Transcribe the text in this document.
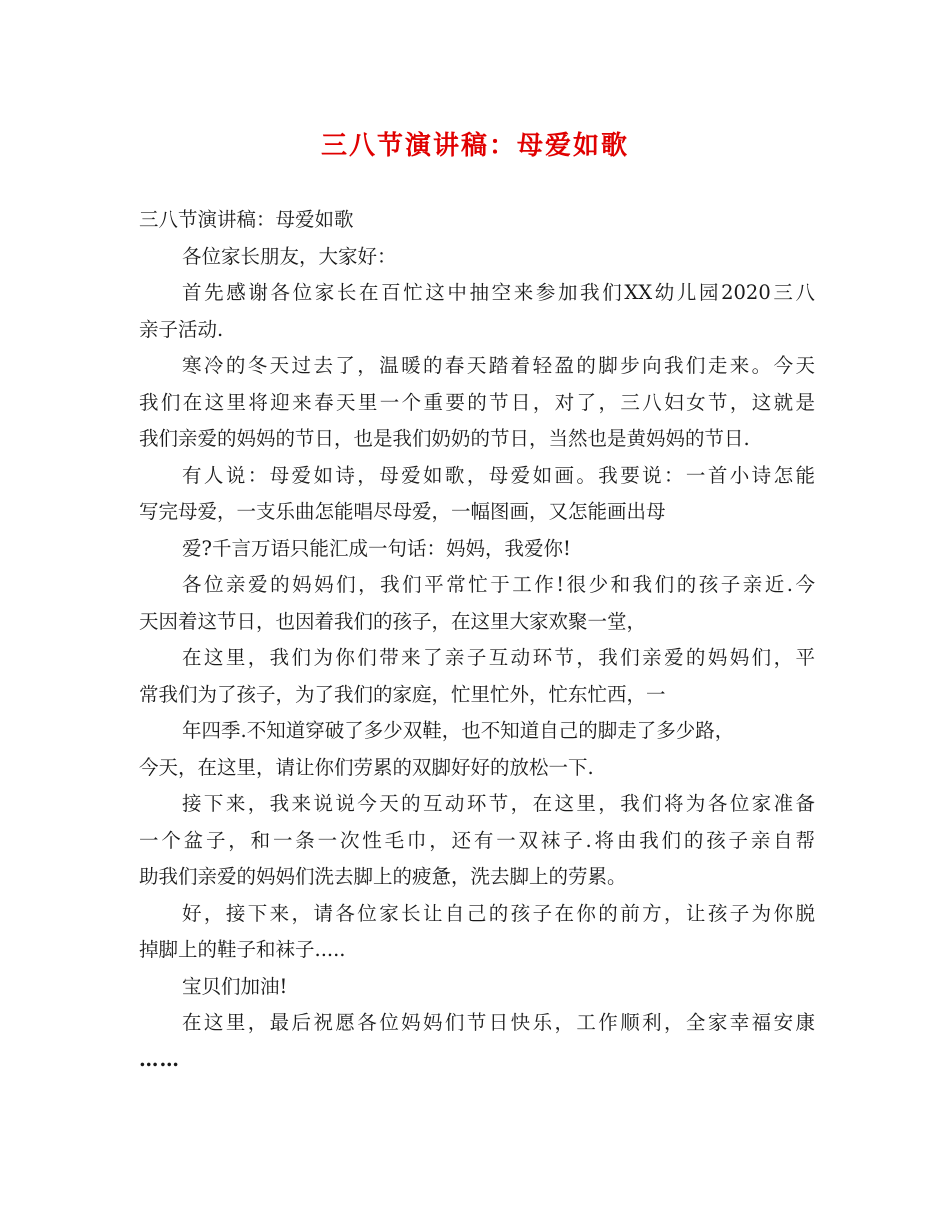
三八节演讲稿：母爱如歌

三八节演讲稿：母爱如歌

各位家长朋友，大家好：

首先感谢各位家长在百忙这中抽空来参加我们XX幼儿园2020三八

亲子活动.

寒冷的冬天过去了，温暖的春天踏着轻盈的脚步向我们走来。今天

我们在这里将迎来春天里一个重要的节日，对了，三八妇女节，这就是

我们亲爱的妈妈的节日，也是我们奶奶的节日，当然也是黄妈妈的节日.

有人说：母爱如诗，母爱如歌，母爱如画。我要说：一首小诗怎能

写完母爱，一支乐曲怎能唱尽母爱，一幅图画，又怎能画出母

爱?千言万语只能汇成一句话：妈妈，我爱你!

各位亲爱的妈妈们，我们平常忙于工作!很少和我们的孩子亲近.今

天因着这节日，也因着我们的孩子，在这里大家欢聚一堂，

在这里，我们为你们带来了亲子互动环节，我们亲爱的妈妈们，平

常我们为了孩子，为了我们的家庭，忙里忙外，忙东忙西，一

年四季.不知道穿破了多少双鞋，也不知道自己的脚走了多少路，

今天，在这里，请让你们劳累的双脚好好的放松一下.

接下来，我来说说今天的互动环节，在这里，我们将为各位家准备

一个盆子，和一条一次性毛巾，还有一双袜子.将由我们的孩子亲自帮

助我们亲爱的妈妈们洗去脚上的疲惫，洗去脚上的劳累。

好，接下来，请各位家长让自己的孩子在你的前方，让孩子为你脱

掉脚上的鞋子和袜子.....

宝贝们加油!

在这里，最后祝愿各位妈妈们节日快乐，工作顺利，全家幸福安康

……
